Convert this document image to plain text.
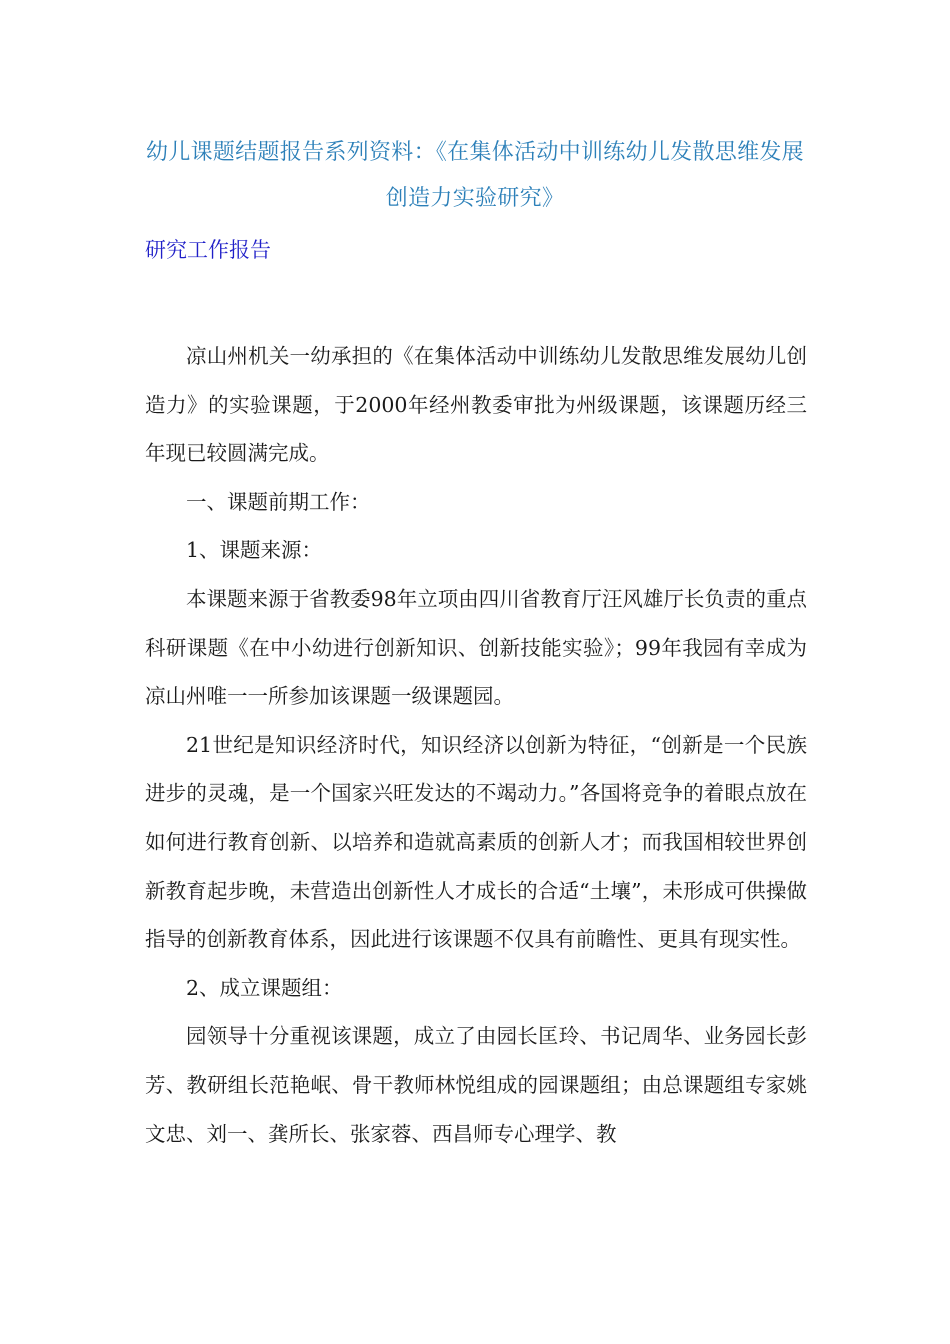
幼儿课题结题报告系列资料：《在集体活动中训练幼儿发散思维发展创造力实验研究》
研究工作报告

凉山州机关一幼承担的《在集体活动中训练幼儿发散思维发展幼儿创造力》的实验课题，于2000年经州教委审批为州级课题，该课题历经三年现已较圆满完成。

一、课题前期工作：

1、课题来源：

本课题来源于省教委98年立项由四川省教育厅汪风雄厅长负责的重点科研课题《在中小幼进行创新知识、创新技能实验》；99年我园有幸成为凉山州唯一一所参加该课题一级课题园。

21世纪是知识经济时代，知识经济以创新为特征，“创新是一个民族进步的灵魂，是一个国家兴旺发达的不竭动力。”各国将竞争的着眼点放在如何进行教育创新、以培养和造就高素质的创新人才；而我国相较世界创新教育起步晚，未营造出创新性人才成长的合适“土壤”，未形成可供操做指导的创新教育体系，因此进行该课题不仅具有前瞻性、更具有现实性。

2、成立课题组：

园领导十分重视该课题，成立了由园长匡玲、书记周华、业务园长彭芳、教研组长范艳岷、骨干教师林悦组成的园课题组；由总课题组专家姚文忠、刘一、龚所长、张家蓉、西昌师专心理学、教
